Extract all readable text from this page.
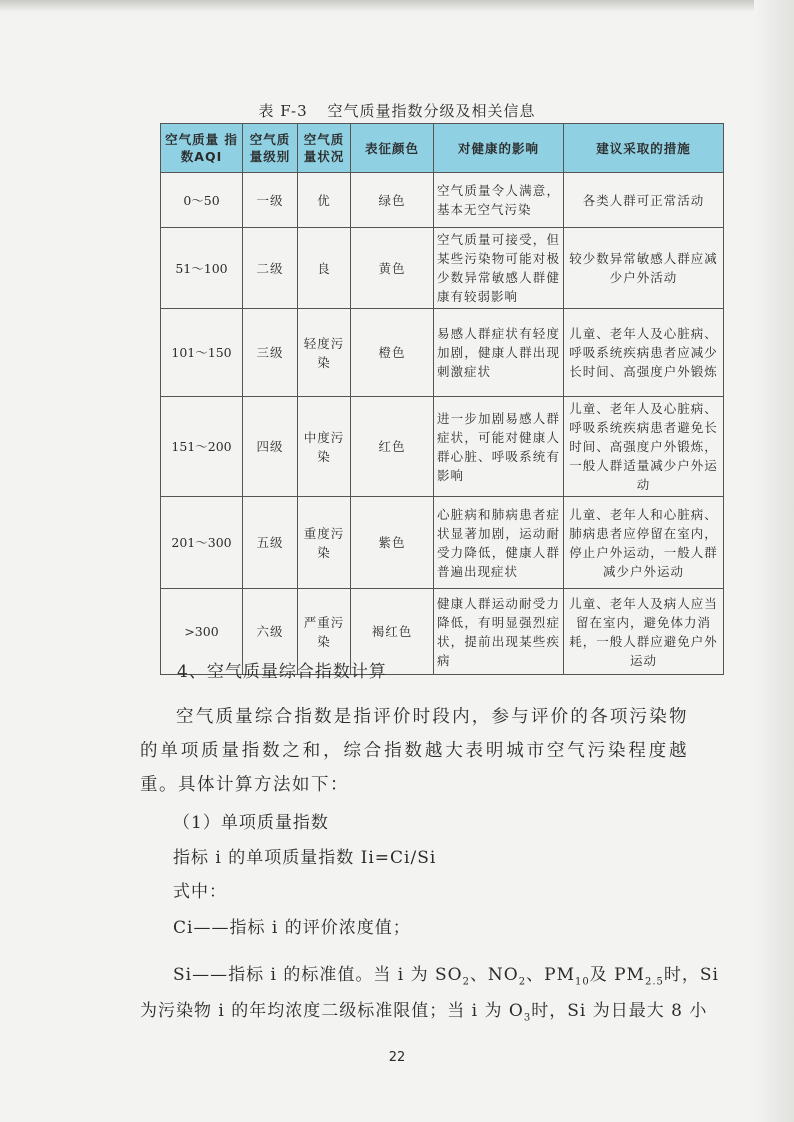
表 F-3 空气质量指数分级及相关信息
空气质量 指数AQI	空气质 量级别	空气质 量状况	表征颜色	对健康的影响	建议采取的措施
0～50	一级	优	绿色	空气质量令人满意，基本无空气污染	各类人群可正常活动
51～100	二级	良	黄色	空气质量可接受，但某些污染物可能对极少数异常敏感人群健康有较弱影响	较少数异常敏感人群应减少户外活动
101～150	三级	轻度污染	橙色	易感人群症状有轻度加剧，健康人群出现刺激症状	儿童、老年人及心脏病、呼吸系统疾病患者应减少长时间、高强度户外锻炼
151～200	四级	中度污染	红色	进一步加剧易感人群症状，可能对健康人群心脏、呼吸系统有影响	儿童、老年人及心脏病、呼吸系统疾病患者避免长时间、高强度户外锻炼，一般人群适量减少户外运动
201～300	五级	重度污染	紫色	心脏病和肺病患者症状显著加剧，运动耐受力降低，健康人群普遍出现症状	儿童、老年人和心脏病、肺病患者应停留在室内，停止户外运动，一般人群减少户外运动
>300	六级	严重污染	褐红色	健康人群运动耐受力降低，有明显强烈症状，提前出现某些疾病	儿童、老年人及病人应当留在室内，避免体力消耗，一般人群应避免户外运动
4、空气质量综合指数计算
空气质量综合指数是指评价时段内，参与评价的各项污染物的单项质量指数之和，综合指数越大表明城市空气污染程度越重。具体计算方法如下：
（1）单项质量指数
指标 i 的单项质量指数 Ii=Ci/Si
式中：
Ci——指标 i 的评价浓度值；
Si——指标 i 的标准值。当 i 为 $SO_2$、$NO_2$、$PM_{10}$及 $PM_{2.5}$时，Si
为污染物 i 的年均浓度二级标准限值；当 i 为 $O_3$时，Si 为日最大 8 小
22
